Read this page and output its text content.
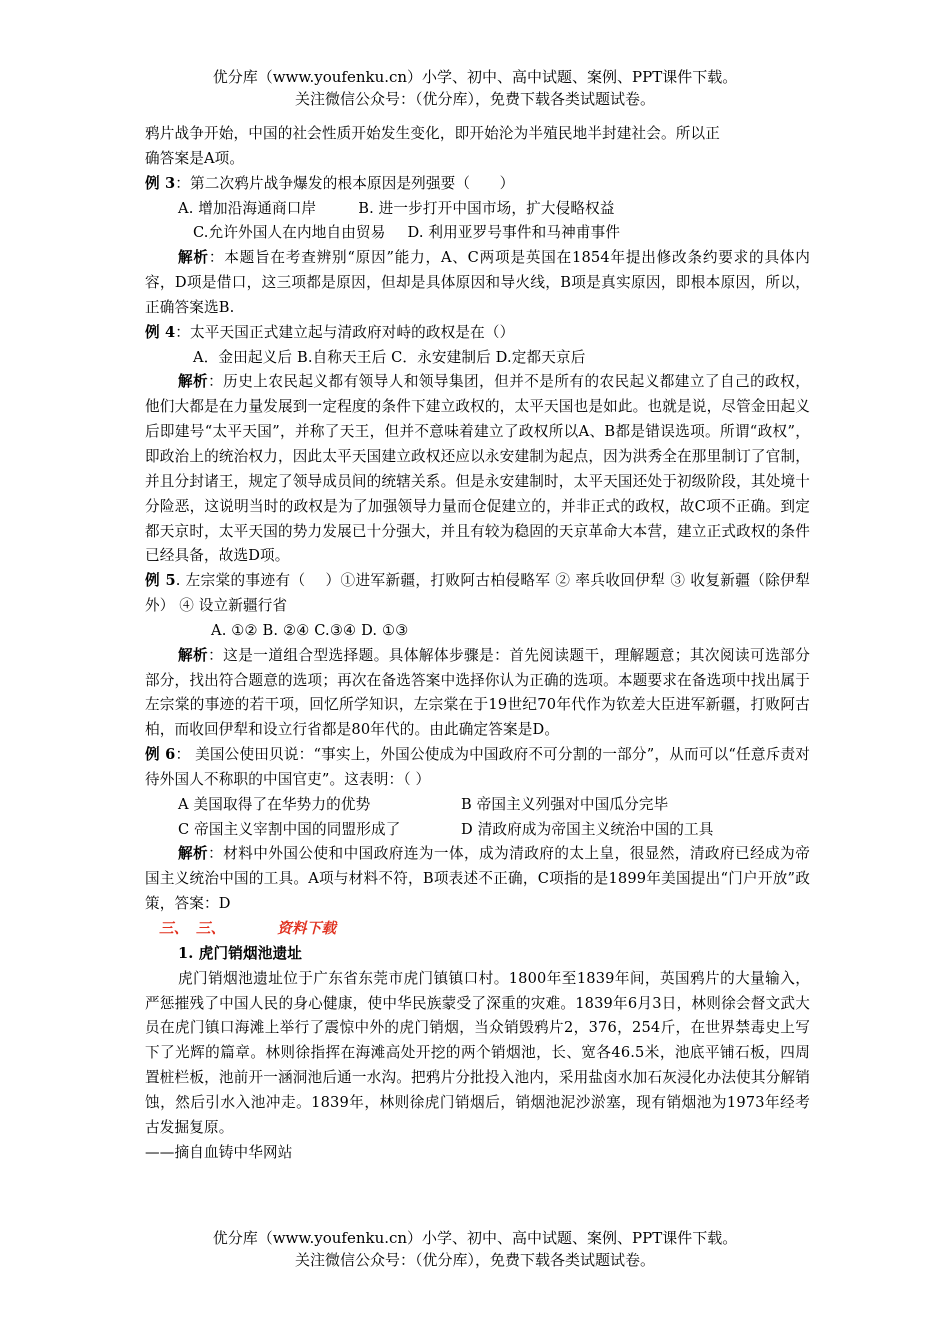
优分库（www.youfenku.cn）小学、初中、高中试题、案例、PPT课件下载。
关注微信公众号：（优分库），免费下载各类试题试卷。

鸦片战争开始，中国的社会性质开始发生变化，即开始沦为半殖民地半封建社会。所以正

确答案是A项。

例 3：第二次鸦片战争爆发的根本原因是列强要（　　）

A. 增加沿海通商口岸	B. 进一步打开中国市场，扩大侵略权益

C.允许外国人在内地自由贸易 D. 利用亚罗号事件和马神甫事件

解析：本题旨在考查辨别“原因”能力，A、C两项是英国在1854年提出修改条约要求的具体内容，D项是借口，这三项都是原因，但却是具体原因和导火线，B项是真实原因，即根本原因，所以，正确答案选B.

例 4：太平天国正式建立起与清政府对峙的政权是在（）

A．金田起义后 B.自称天王后 C．永安建制后 D.定都天京后

解析：历史上农民起义都有领导人和领导集团，但并不是所有的农民起义都建立了自己的政权，他们大都是在力量发展到一定程度的条件下建立政权的，太平天国也是如此。也就是说，尽管金田起义后即建号“太平天国”，并称了天王，但并不意味着建立了政权所以A、B都是错误选项。所谓“政权”，即政治上的统治权力，因此太平天国建立政权还应以永安建制为起点，因为洪秀全在那里制订了官制，并且分封诸王，规定了领导成员间的统辖关系。但是永安建制时，太平天国还处于初级阶段，其处境十分险恶，这说明当时的政权是为了加强领导力量而仓促建立的，并非正式的政权，故C项不正确。到定都天京时，太平天国的势力发展已十分强大，并且有较为稳固的天京革命大本营，建立正式政权的条件已经具备，故选D项。

例 5. 左宗棠的事迹有（　 ）①进军新疆，打败阿古柏侵略军 ② 率兵收回伊犁 ③ 收复新疆（除伊犁外） ④ 设立新疆行省

A. ①② B. ②④ C.③④ D. ①③

解析：这是一道组合型选择题。具体解体步骤是：首先阅读题干，理解题意；其次阅读可选部分部分，找出符合题意的选项；再次在备选答案中选择你认为正确的选项。本题要求在备选项中找出属于左宗棠的事迹的若干项，回忆所学知识，左宗棠在于19世纪70年代作为钦差大臣进军新疆，打败阿古柏，而收回伊犁和设立行省都是80年代的。由此确定答案是D。

例 6： 美国公使田贝说：“事实上，外国公使成为中国政府不可分割的一部分”，从而可以“任意斥责对待外国人不称职的中国官吏”。这表明：（ ）

A 美国取得了在华势力的优势	B 帝国主义列强对中国瓜分完毕

C 帝国主义宰割中国的同盟形成了	D 清政府成为帝国主义统治中国的工具

解析：材料中外国公使和中国政府连为一体，成为清政府的太上皇，很显然，清政府已经成为帝国主义统治中国的工具。A项与材料不符，B项表述不正确，C项指的是1899年美国提出“门户开放”政策，答案：D

三、　三、　　　　资料下载

1. 虎门销烟池遗址

虎门销烟池遗址位于广东省东莞市虎门镇镇口村。1800年至1839年间，英国鸦片的大量输入，严惩摧残了中国人民的身心健康，使中华民族蒙受了深重的灾难。1839年6月3日，林则徐会督文武大员在虎门镇口海滩上举行了震惊中外的虎门销烟，当众销毁鸦片2，376，254斤，在世界禁毒史上写下了光辉的篇章。林则徐指挥在海滩高处开挖的两个销烟池，长、宽各46.5米，池底平铺石板，四周置桩栏板，池前开一涵洞池后通一水沟。把鸦片分批投入池内，采用盐卤水加石灰浸化办法使其分解销蚀，然后引水入池冲走。1839年，林则徐虎门销烟后，销烟池泥沙淤塞，现有销烟池为1973年经考古发掘复原。

——摘自血铸中华网站

优分库（www.youfenku.cn）小学、初中、高中试题、案例、PPT课件下载。
关注微信公众号：（优分库），免费下载各类试题试卷。
